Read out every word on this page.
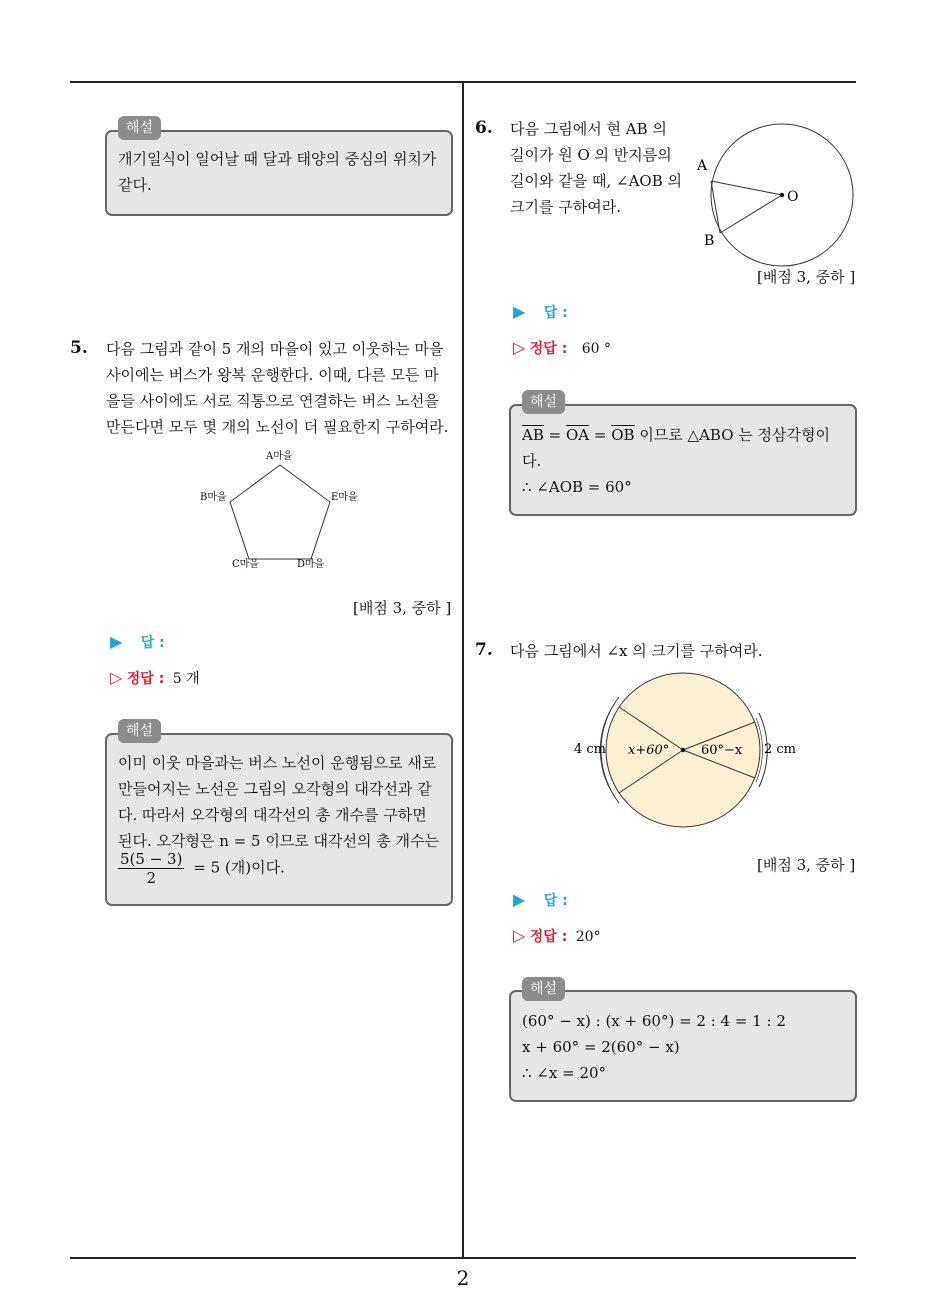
해설
개기일식이 일어날 때 달과 태양의 중심의 위치가
같다.
5. 다음 그림과 같이 5 개의 마을이 있고 이웃하는 마을
사이에는 버스가 왕복 운행한다. 이때, 다른 모든 마
을들 사이에도 서로 직통으로 연결하는 버스 노선을
만든다면 모두 몇 개의 노선이 더 필요한지 구하여라.
A마을
B마을	E마을
C마을	D마을
[배점 3, 중하 ]
▶ 답 :
▷ 정답 : 5 개
해설
이미 이웃 마을과는 버스 노선이 운행됨으로 새로
만들어지는 노선은 그림의 오각형의 대각선과 같
다. 따라서 오각형의 대각선의 총 개수를 구하면
된다. 오각형은 n = 5 이므로 대각선의 총 개수는
$\frac{5(5 - 3)}{2} = 5$ (개)이다.
6. 다음 그림에서 현 AB 의
길이가 원 O 의 반지름의
길이와 같을 때, ∠AOB 의
크기를 구하여라.
A
B
O
[배점 3, 중하 ]
▶ 답 :
▷ 정답 : 60 °
해설
$\overline{AB} = \overline{OA} = \overline{OB}$ 이므로 △ABO 는 정삼각형이
다.
∴ ∠AOB = 60°
7. 다음 그림에서 ∠x 의 크기를 구하여라.
4 cm	2 cm
x+60° 60°−x
[배점 3, 중하 ]
▶ 답 :
▷ 정답 : 20°
해설
(60° − x) : (x + 60°) = 2 : 4 = 1 : 2
x + 60° = 2(60° − x)
∴ ∠x = 20°
2
